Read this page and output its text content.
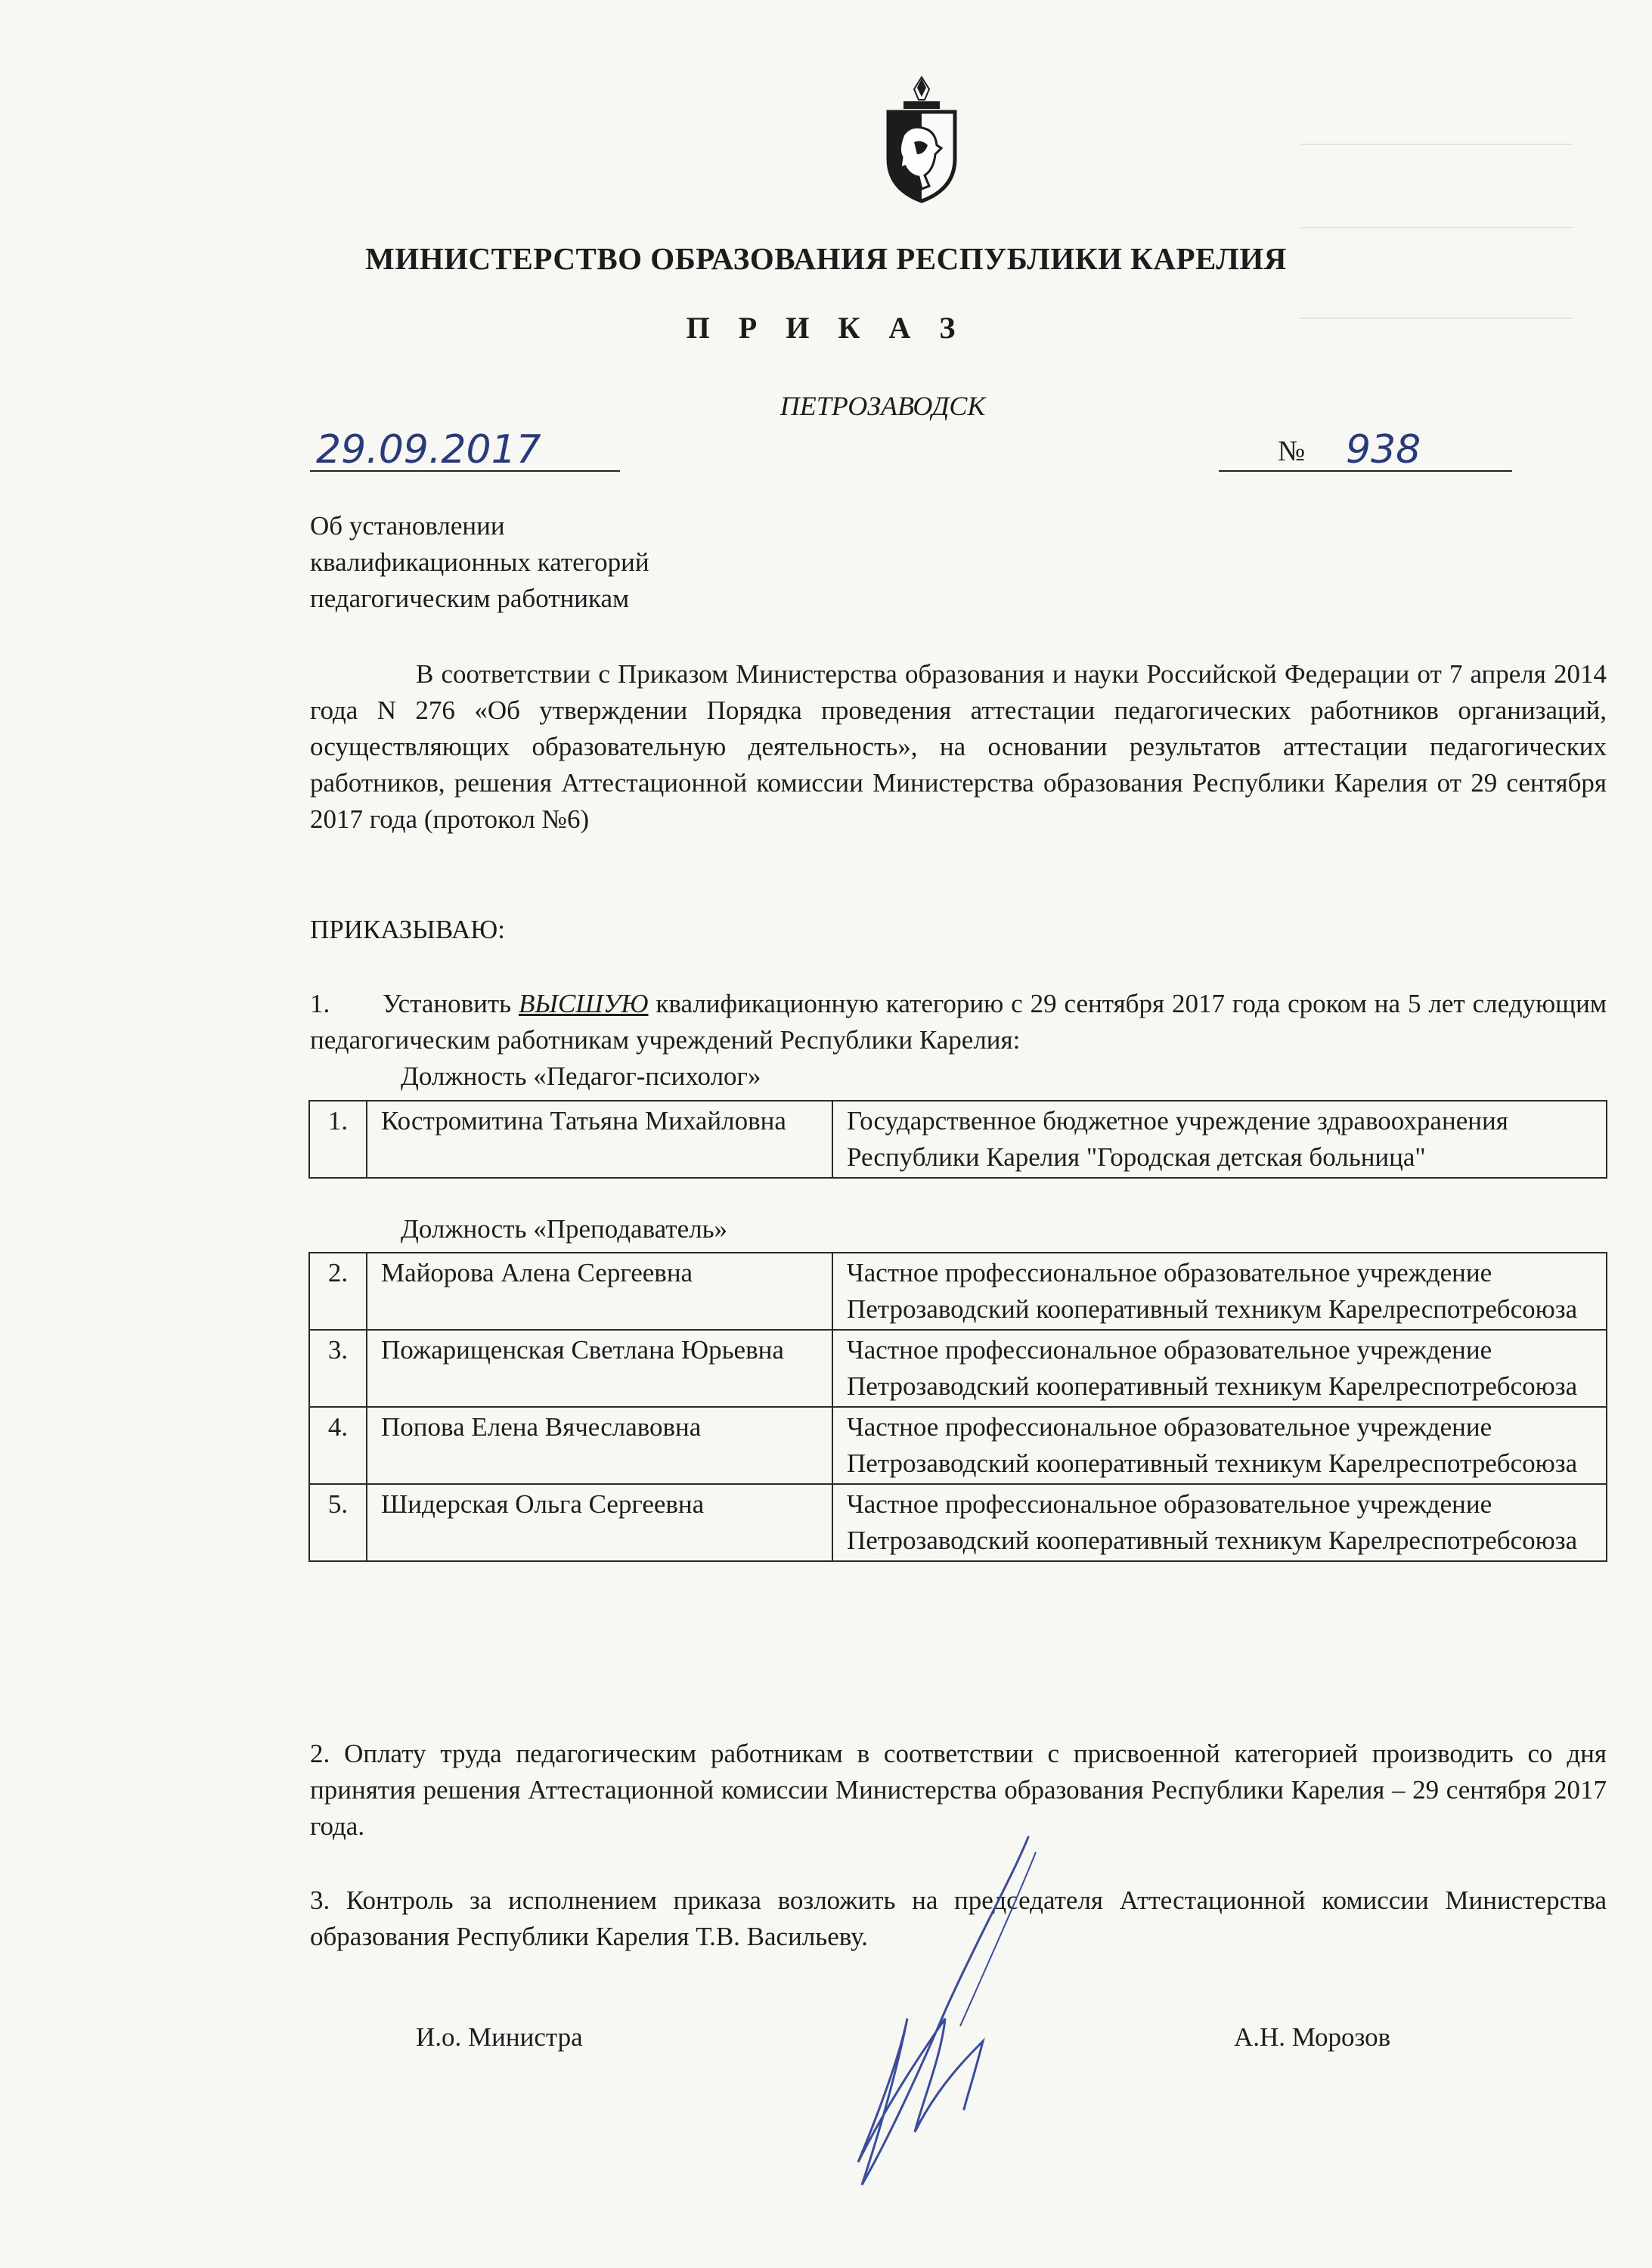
МИНИСТЕРСТВО ОБРАЗОВАНИЯ РЕСПУБЛИКИ КАРЕЛИЯ
П Р И К А З
ПЕТРОЗАВОДСК
29.09.2017	№ 938
Об установлении
квалификационных категорий
педагогическим работникам
В соответствии с Приказом Министерства образования и науки Российской Федерации от 7 апреля 2014 года N 276 «Об утверждении Порядка проведения аттестации педагогических работников организаций, осуществляющих образовательную деятельность», на основании результатов аттестации педагогических работников, решения Аттестационной комиссии Министерства образования Республики Карелия от 29 сентября 2017 года (протокол №6)
ПРИКАЗЫВАЮ:
1. Установить ВЫСШУЮ квалификационную категорию с 29 сентября 2017 года сроком на 5 лет следующим педагогическим работникам учреждений Республики Карелия:
Должность «Педагог-психолог»
1.	Костромитина Татьяна Михайловна	Государственное бюджетное учреждение здравоохранения Республики Карелия "Городская детская больница"
Должность «Преподаватель»
2.	Майорова Алена Сергеевна	Частное профессиональное образовательное учреждение Петрозаводский кооперативный техникум Карелреспотребсоюза
3.	Пожарищенская Светлана Юрьевна	Частное профессиональное образовательное учреждение Петрозаводский кооперативный техникум Карелреспотребсоюза
4.	Попова Елена Вячеславовна	Частное профессиональное образовательное учреждение Петрозаводский кооперативный техникум Карелреспотребсоюза
5.	Шидерская Ольга Сергеевна	Частное профессиональное образовательное учреждение Петрозаводский кооперативный техникум Карелреспотребсоюза
2. Оплату труда педагогическим работникам в соответствии с присвоенной категорией производить со дня принятия решения Аттестационной комиссии Министерства образования Республики Карелия – 29 сентября 2017 года.
3. Контроль за исполнением приказа возложить на председателя Аттестационной комиссии Министерства образования Республики Карелия Т.В. Васильеву.
И.о. Министра	А.Н. Морозов
